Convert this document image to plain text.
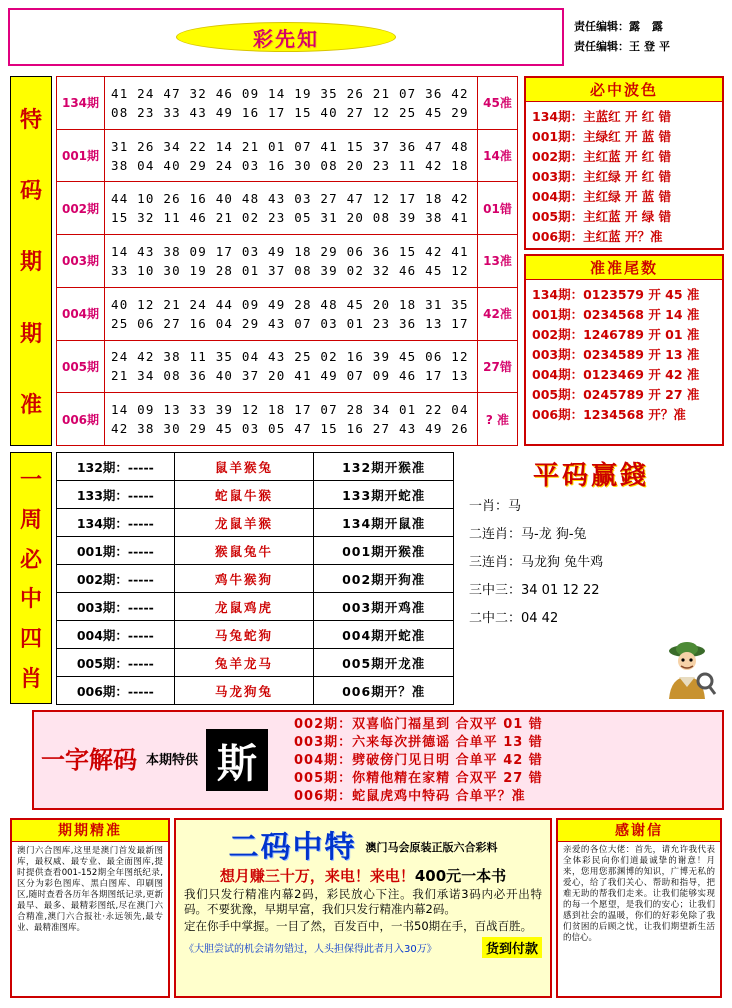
彩先知	责任编辑：露 露
责任编辑：王登平
特
码
期
期
准
134期	41 24 47 32 46 09 14 19 35 26 21 07 36 42
08 23 33 43 49 16 17 15 40 27 12 25 45 29	45准
001期	31 26 34 22 14 21 01 07 41 15 37 36 47 48
38 04 40 29 24 03 16 30 08 20 23 11 42 18	14准
002期	44 10 26 16 40 48 43 03 27 47 12 17 18 42
15 32 11 46 21 02 23 05 31 20 08 39 38 41	01错
003期	14 43 38 09 17 03 49 18 29 06 36 15 42 41
33 10 30 19 28 01 37 08 39 02 32 46 45 12	13准
004期	40 12 21 24 44 09 49 28 48 45 20 18 31 35
25 06 27 16 04 29 43 07 03 01 23 36 13 17	42准
005期	24 42 38 11 35 04 43 25 02 16 39 45 06 12
21 34 08 36 40 37 20 41 49 07 09 46 17 13	27错
006期	14 09 13 33 39 12 18 17 07 28 34 01 22 04
42 38 30 29 45 03 05 47 15 16 27 43 49 26	? 准
必中波色
134期：主蓝红 开 红 错
001期：主绿红 开 蓝 错
002期：主红蓝 开 红 错
003期：主红绿 开 红 错
004期：主红绿 开 蓝 错
005期：主红蓝 开 绿 错
006期：主红蓝 开？准
准准尾数
134期：0123579 开 45 准
001期：0234568 开 14 准
002期：1246789 开 01 准
003期：0234589 开 13 准
004期：0123469 开 42 准
005期：0245789 开 27 准
006期：1234568 开？准
一
周
必
中
四
肖
132期：-----	鼠羊猴兔	132期开猴准
133期：-----	蛇鼠牛猴	133期开蛇准
134期：-----	龙鼠羊猴	134期开鼠准
001期：-----	猴鼠兔牛	001期开猴准
002期：-----	鸡牛猴狗	002期开狗准
003期：-----	龙鼠鸡虎	003期开鸡准
004期：-----	马兔蛇狗	004期开蛇准
005期：-----	兔羊龙马	005期开龙准
006期：-----	马龙狗兔	006期开？准
平码赢錢
一肖：马
二连肖：马-龙 狗-兔
三连肖：马龙狗 兔牛鸡
三中三：34 01 12 22
二中二：04 42
一字解码 本期特供 斯
002期：双喜临门福星到 合双平 01 错
003期：六来每次拼德谣 合单平 13 错
004期：劈破傍门见日明 合单平 42 错
005期：你精他精在家精 合双平 27 错
006期：蛇鼠虎鸡中特码 合单平？准
期期精准
澳门六合图库,这里是澳门首发最新图库，最权威、最专业、最全面图库,提时提供查看001-152期全年图纸纪录,区分为彩色图库、黑白图库、印刷图区,随时查看各历年各期图纸记录,更新最早、最多、最精彩图纸,尽在澳门六合精准,澳门六合报社·永远领先,最专业、最精准图库。
二码中特 澳门马会原装正版六合彩料
想月赚三十万，来电！来电！400元一本书
我们只发行精准内幕2码，彩民放心下注。我们承诺3码内必开出特码。不要犹豫，早期早富，我们只发行精准内幕2码。
定在你手中掌握。一目了然，百发百中，一书50期在手，百战百胜。
《大胆尝试的机会请勿错过，人头担保得此者月入30万》	货到付款
感谢信
亲爱的各位大佬：首先，请允许我代表全体彩民向你们道最诚挚的谢意！月来，您用您那渊博的知识，广博无私的爱心，给了我们关心、帮助和指导，把难无助的帮我们走来。让我们能够实现的每一个愿望，是我们的安心；让我们感到社会的温暖，你们的好彩免除了我们贫困的后顾之忧，让我们期望新生活的信心。
